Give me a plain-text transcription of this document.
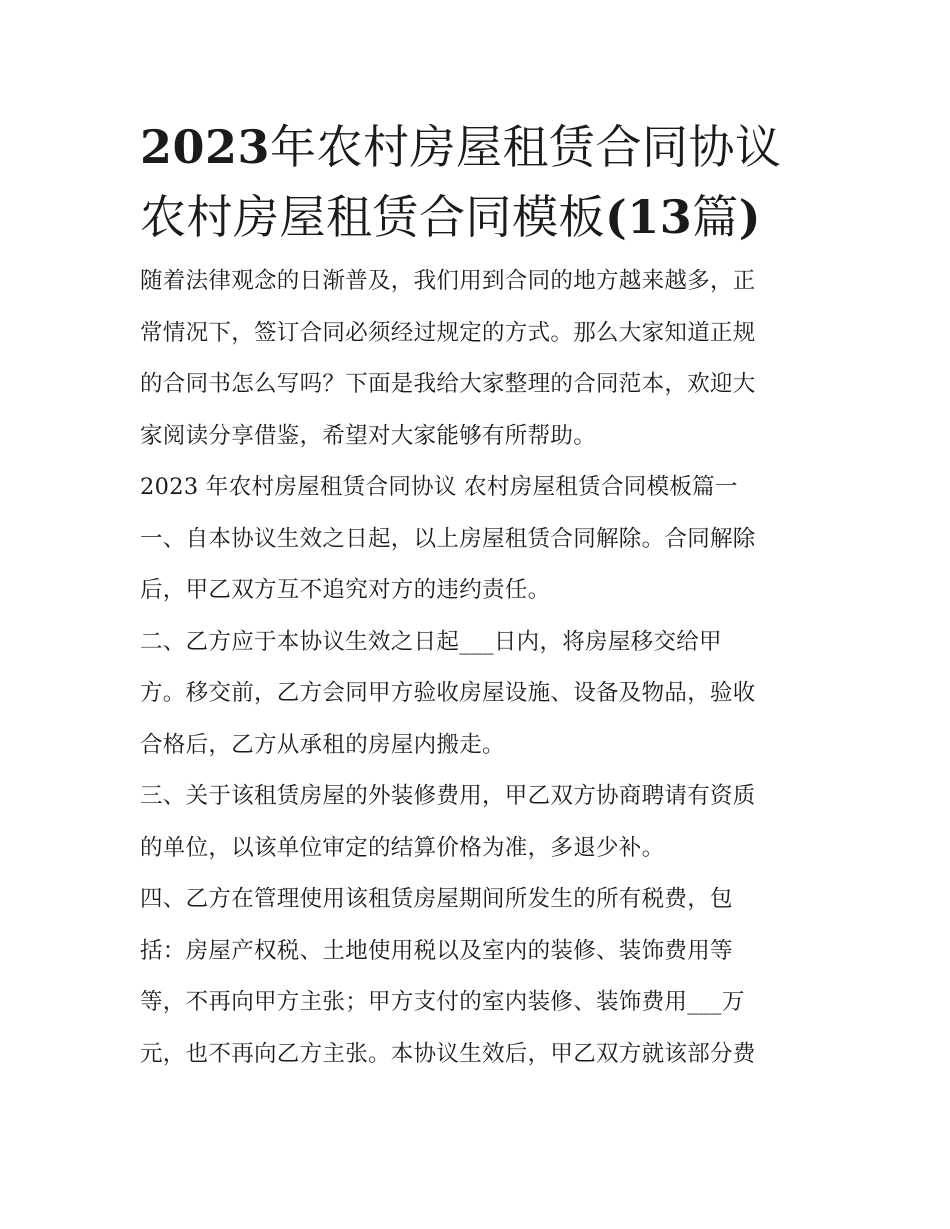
2023年农村房屋租赁合同协议
农村房屋租赁合同模板(13篇)

随着法律观念的日渐普及，我们用到合同的地方越来越多，正

常情况下，签订合同必须经过规定的方式。那么大家知道正规

的合同书怎么写吗？下面是我给大家整理的合同范本，欢迎大

家阅读分享借鉴，希望对大家能够有所帮助。

2023 年农村房屋租赁合同协议 农村房屋租赁合同模板篇一

一、自本协议生效之日起，以上房屋租赁合同解除。合同解除

后，甲乙双方互不追究对方的违约责任。

二、乙方应于本协议生效之日起___日内，将房屋移交给甲

方。移交前，乙方会同甲方验收房屋设施、设备及物品，验收

合格后，乙方从承租的房屋内搬走。

三、关于该租赁房屋的外装修费用，甲乙双方协商聘请有资质

的单位，以该单位审定的结算价格为准，多退少补。

四、乙方在管理使用该租赁房屋期间所发生的所有税费，包

括：房屋产权税、土地使用税以及室内的装修、装饰费用等

等，不再向甲方主张；甲方支付的室内装修、装饰费用___万

元，也不再向乙方主张。本协议生效后，甲乙双方就该部分费
